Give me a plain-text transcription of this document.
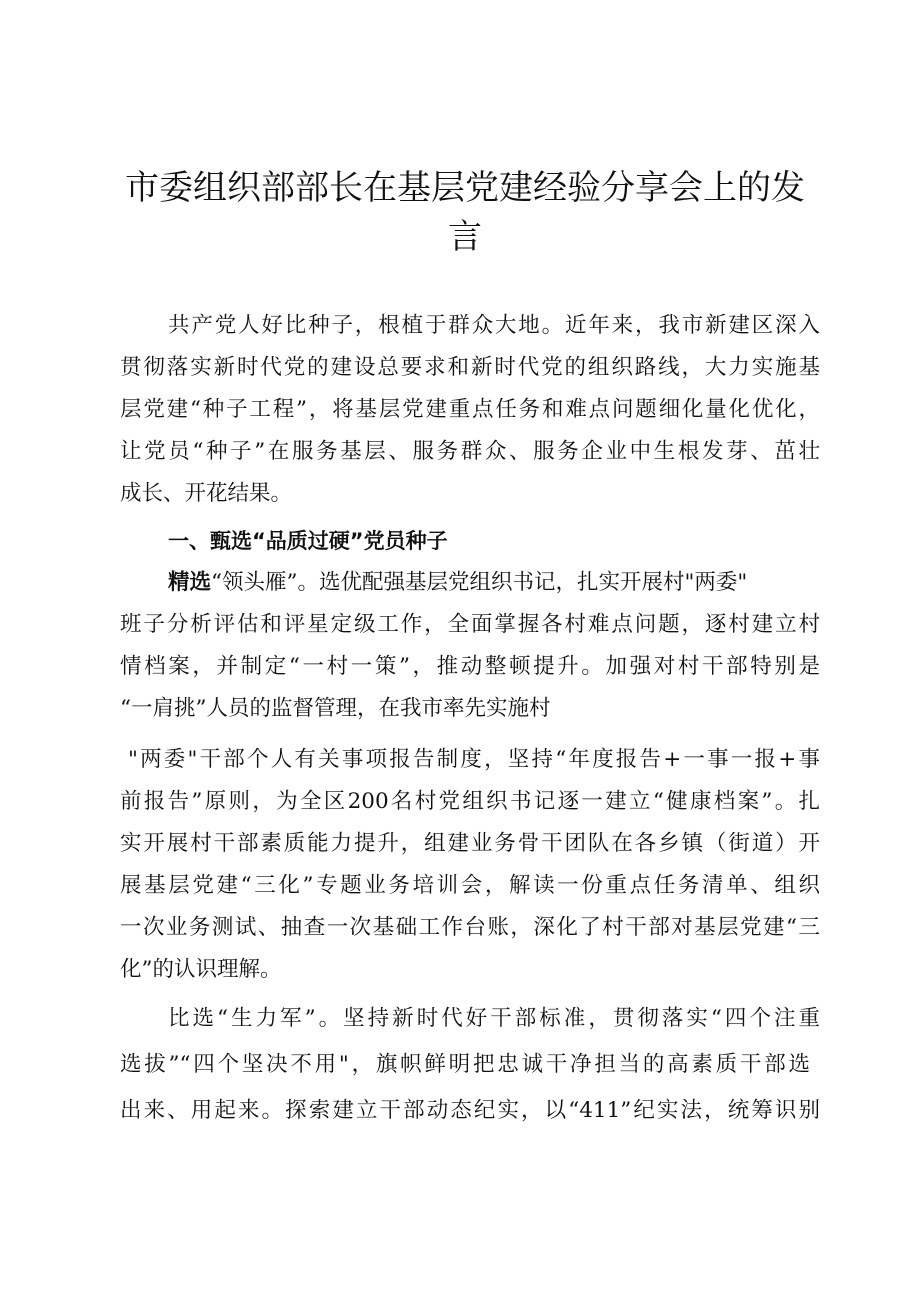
市委组织部部长在基层党建经验分享会上的发
言
共产党人好比种子，根植于群众大地。近年来，我市新建区深入
贯彻落实新时代党的建设总要求和新时代党的组织路线，大力实施基
层党建“种子工程”，将基层党建重点任务和难点问题细化量化优化，
让党员“种子”在服务基层、服务群众、服务企业中生根发芽、茁壮
成长、开花结果。
一、甄选“品质过硬”党员种子
精选“领头雁”。选优配强基层党组织书记，扎实开展村"两委"
班子分析评估和评星定级工作，全面掌握各村难点问题，逐村建立村
情档案，并制定“一村一策”，推动整顿提升。加强对村干部特别是
“一肩挑”人员的监督管理，在我市率先实施村
"两委"干部个人有关事项报告制度，坚持“年度报告+一事一报+事
前报告”原则，为全区200名村党组织书记逐一建立“健康档案”。扎
实开展村干部素质能力提升，组建业务骨干团队在各乡镇（街道）开
展基层党建“三化”专题业务培训会，解读一份重点任务清单、组织
一次业务测试、抽查一次基础工作台账，深化了村干部对基层党建“三
化”的认识理解。
比选“生力军”。坚持新时代好干部标准，贯彻落实“四个注重
选拔”“四个坚决不用"，旗帜鲜明把忠诚干净担当的高素质干部选
出来、用起来。探索建立干部动态纪实，以“411”纪实法，统筹识别
